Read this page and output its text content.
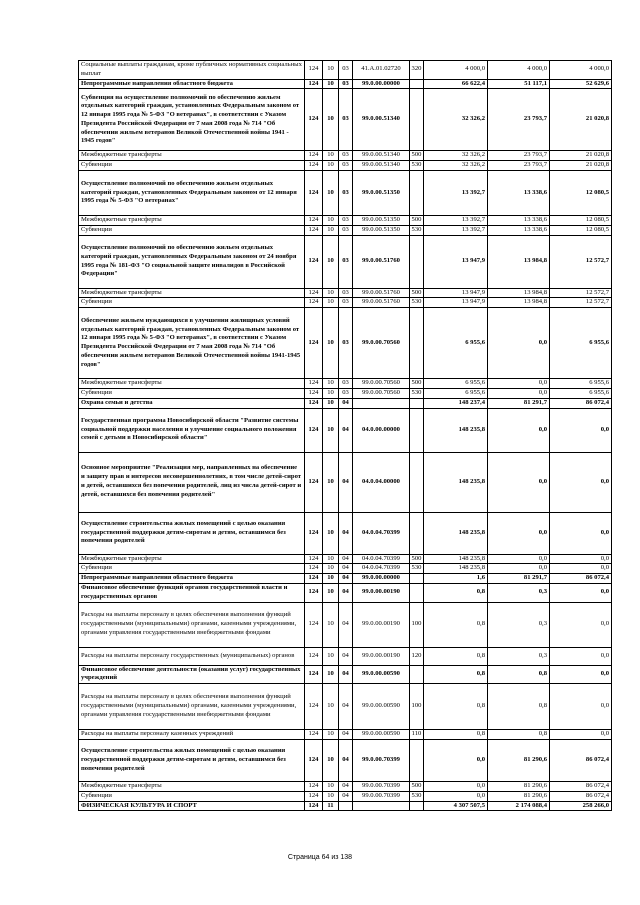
Социальные выплаты гражданам, кроме публичных нормативных социальных выплат	124	10	03	41.А.01.02720	320	4 000,0	4 000,0	4 000,0
Непрограммные направления областного бюджета	124	10	03	99.0.00.00000		66 622,4	51 117,1	52 629,6
Субвенция на осуществление полномочий по обеспечению жильем отдельных категорий граждан, установленных Федеральным законом от 12 января 1995 года № 5-ФЗ "О ветеранах", в соответствии с Указом Президента Российской Федерации от 7 мая 2008 года № 714 "Об обеспечении жильем ветеранов Великой Отечественной войны 1941 - 1945 годов"	124	10	03	99.0.00.51340		32 326,2	23 793,7	21 020,8
Межбюджетные трансферты	124	10	03	99.0.00.51340	500	32 326,2	23 793,7	21 020,8
Субвенции	124	10	03	99.0.00.51340	530	32 326,2	23 793,7	21 020,8
Осуществление полномочий по обеспечению жильем отдельных категорий граждан, установленных Федеральным законом от 12 января 1995 года № 5-ФЗ "О ветеранах"	124	10	03	99.0.00.51350		13 392,7	13 338,6	12 080,5
Межбюджетные трансферты	124	10	03	99.0.00.51350	500	13 392,7	13 338,6	12 080,5
Субвенции	124	10	03	99.0.00.51350	530	13 392,7	13 338,6	12 080,5
Осуществление полномочий по обеспечению жильем отдельных категорий граждан, установленных Федеральным законом от 24 ноября 1995 года № 181-ФЗ "О социальной защите инвалидов в Российской Федерации"	124	10	03	99.0.00.51760		13 947,9	13 984,8	12 572,7
Межбюджетные трансферты	124	10	03	99.0.00.51760	500	13 947,9	13 984,8	12 572,7
Субвенции	124	10	03	99.0.00.51760	530	13 947,9	13 984,8	12 572,7
Обеспечение жильем нуждающихся в улучшении жилищных условий отдельных категорий граждан, установленных Федеральным законом от 12 января 1995 года № 5-ФЗ "О ветеранах", в соответствии с Указом Президента Российской Федерации от 7 мая 2008 года № 714 "Об обеспечении жильем ветеранов Великой Отечественной войны 1941-1945 годов"	124	10	03	99.0.00.70560		6 955,6	0,0	6 955,6
Межбюджетные трансферты	124	10	03	99.0.00.70560	500	6 955,6	0,0	6 955,6
Субвенции	124	10	03	99.0.00.70560	530	6 955,6	0,0	6 955,6
Охрана семьи и детства	124	10	04			148 237,4	81 291,7	86 072,4
Государственная программа Новосибирской области "Развитие системы социальной поддержки населения и улучшение социального положения семей с детьми в Новосибирской области"	124	10	04	04.0.00.00000		148 235,8	0,0	0,0
Основное мероприятие "Реализация мер, направленных на обеспечение и защиту прав и интересов несовершеннолетних, в том числе детей-сирот и детей, оставшихся без попечения родителей, лиц из числа детей-сирот и детей, оставшихся без попечения родителей"	124	10	04	04.0.04.00000		148 235,8	0,0	0,0
Осуществление строительства жилых помещений с целью оказания государственной поддержки детям-сиротам и детям, оставшимся без попечения родителей	124	10	04	04.0.04.70399		148 235,8	0,0	0,0
Межбюджетные трансферты	124	10	04	04.0.04.70399	500	148 235,8	0,0	0,0
Субвенции	124	10	04	04.0.04.70399	530	148 235,8	0,0	0,0
Непрограммные направления областного бюджета	124	10	04	99.0.00.00000		1,6	81 291,7	86 072,4
Финансовое обеспечение функций органов государственной власти и государственных органов	124	10	04	99.0.00.00190		0,8	0,3	0,0
Расходы на выплаты персоналу в целях обеспечения выполнения функций государственными (муниципальными) органами, казенными учреждениями, органами управления государственными внебюджетными фондами	124	10	04	99.0.00.00190	100	0,8	0,3	0,0
Расходы на выплаты персоналу государственных (муниципальных) органов	124	10	04	99.0.00.00190	120	0,8	0,3	0,0
Финансовое обеспечение деятельности (оказания услуг) государственных учреждений	124	10	04	99.0.00.00590		0,8	0,8	0,0
Расходы на выплаты персоналу в целях обеспечения выполнения функций государственными (муниципальными) органами, казенными учреждениями, органами управления государственными внебюджетными фондами	124	10	04	99.0.00.00590	100	0,8	0,8	0,0
Расходы на выплаты персоналу казенных учреждений	124	10	04	99.0.00.00590	110	0,8	0,8	0,0
Осуществление строительства жилых помещений с целью оказания государственной поддержки детям-сиротам и детям, оставшимся без попечения родителей	124	10	04	99.0.00.70399		0,0	81 290,6	86 072,4
Межбюджетные трансферты	124	10	04	99.0.00.70399	500	0,0	81 290,6	86 072,4
Субвенции	124	10	04	99.0.00.70399	530	0,0	81 290,6	86 072,4
ФИЗИЧЕСКАЯ КУЛЬТУРА И СПОРТ	124	11				4 307 507,5	2 174 088,4	258 266,0
Страница 64 из 138
